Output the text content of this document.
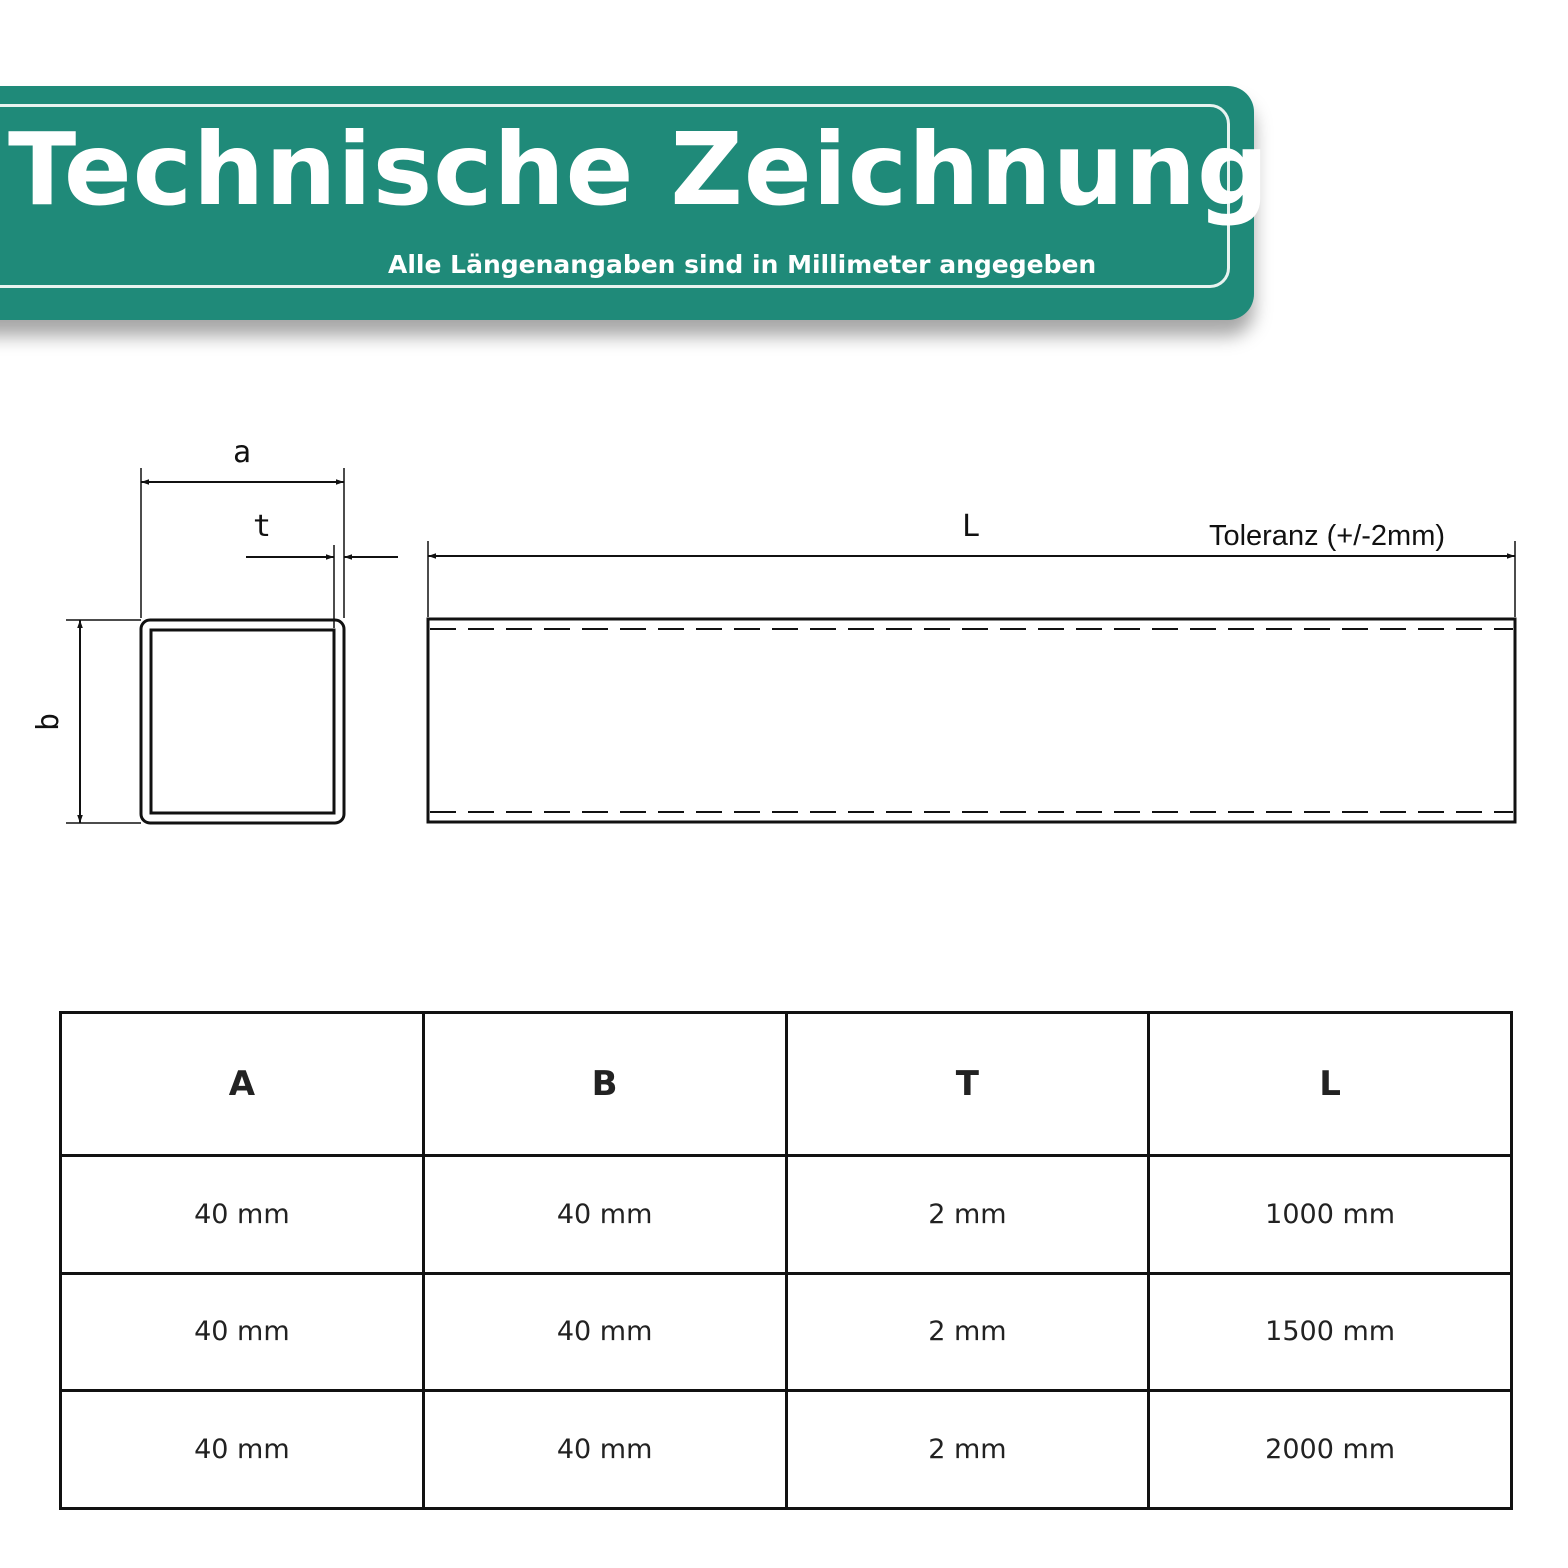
Technische Zeichnung
Alle Längenangaben sind in Millimeter angegeben
a
t
b
L	Toleranz (+/-2mm)
A	B	T	L
40 mm	40 mm	2 mm	1000 mm
40 mm	40 mm	2 mm	1500 mm
40 mm	40 mm	2 mm	2000 mm
